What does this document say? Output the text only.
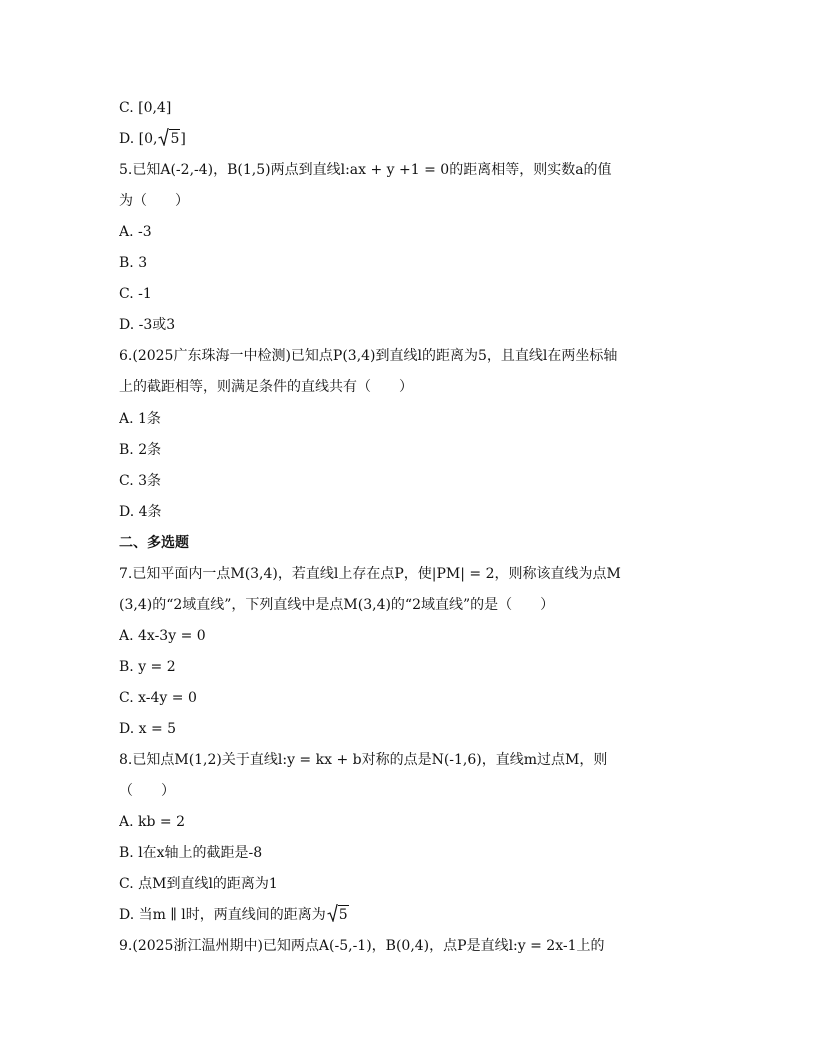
C. [0,4]
D. [0, 5]
5.已知A(-2,-4)，B(1,5)两点到直线l:ax + y +1 = 0的距离相等，则实数a的值
为（　　）
A. -3
B. 3
C. -1
D. -3或3
6.(2025广东珠海一中检测)已知点P(3,4)到直线l的距离为5，且直线l在两坐标轴
上的截距相等，则满足条件的直线共有（　　）
A. 1条
B. 2条
C. 3条
D. 4条
二、多选题
7.已知平面内一点M(3,4)，若直线l上存在点P，使|PM| = 2，则称该直线为点M
(3,4)的“2域直线”，下列直线中是点M(3,4)的“2域直线”的是（　　）
A. 4x-3y = 0
B. y = 2
C. x-4y = 0
D. x = 5
8.已知点M(1,2)关于直线l:y = kx + b对称的点是N(-1,6)，直线m过点M，则
（　　）
A. kb = 2
B. l在x轴上的截距是-8
C. 点M到直线l的距离为1
D. 当m ∥ l时，两直线间的距离为 5
9.(2025浙江温州期中)已知两点A(-5,-1)，B(0,4)，点P是直线l:y = 2x-1上的
